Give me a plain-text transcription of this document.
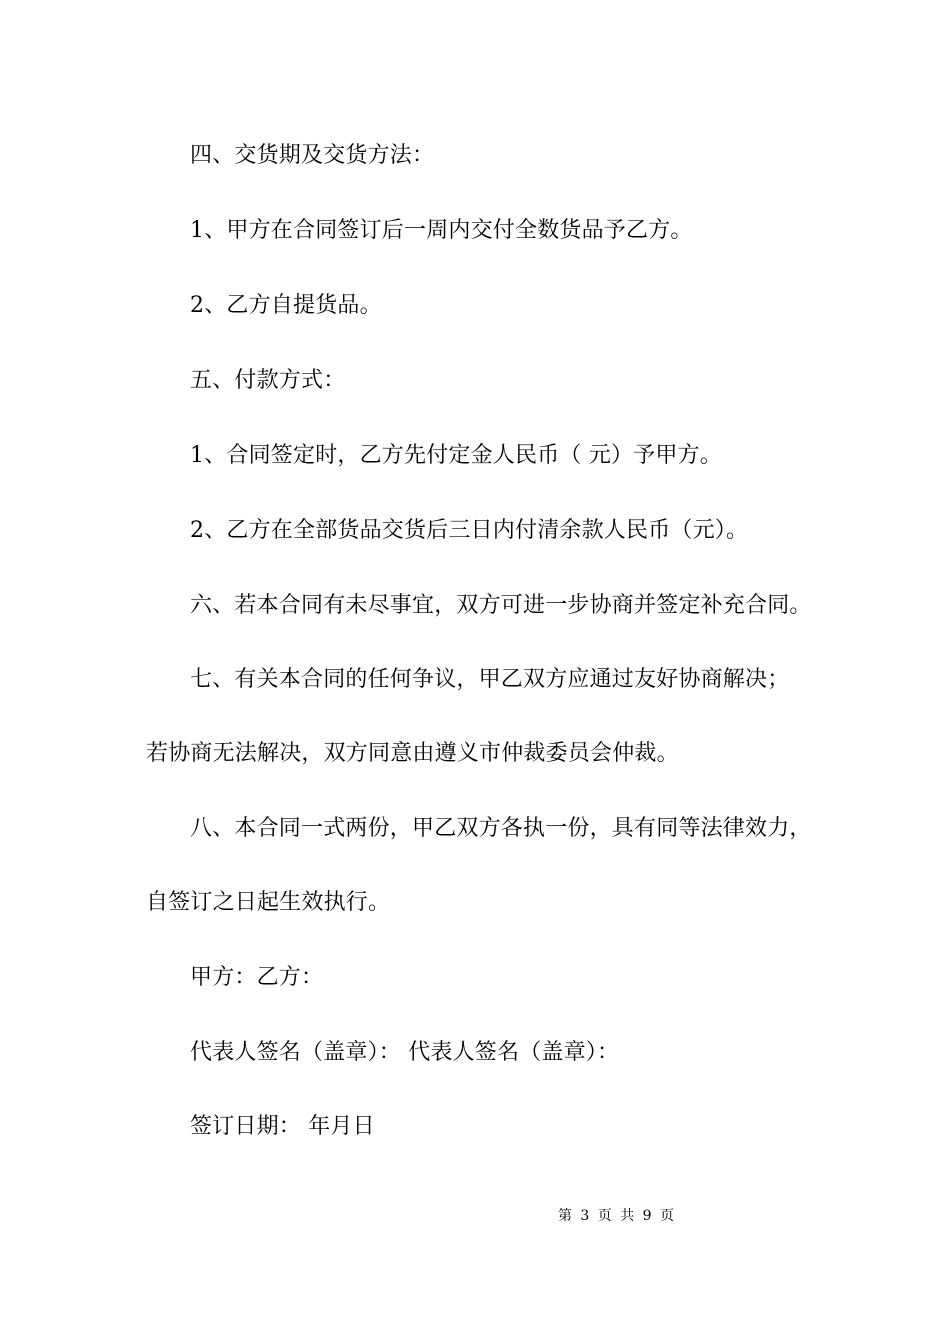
四、交货期及交货方法：
1、甲方在合同签订后一周内交付全数货品予乙方。
2、乙方自提货品。
五、付款方式：
1、合同签定时，乙方先付定金人民币（ 元）予甲方。
2、乙方在全部货品交货后三日内付清余款人民币（元）。
六、若本合同有未尽事宜，双方可进一步协商并签定补充合同。
七、有关本合同的任何争议，甲乙双方应通过友好协商解决；
若协商无法解决，双方同意由遵义市仲裁委员会仲裁。
八、本合同一式两份，甲乙双方各执一份，具有同等法律效力，
自签订之日起生效执行。
甲方：乙方：
代表人签名（盖章）： 代表人签名（盖章）：
签订日期： 年月日
第 3 页 共 9 页
